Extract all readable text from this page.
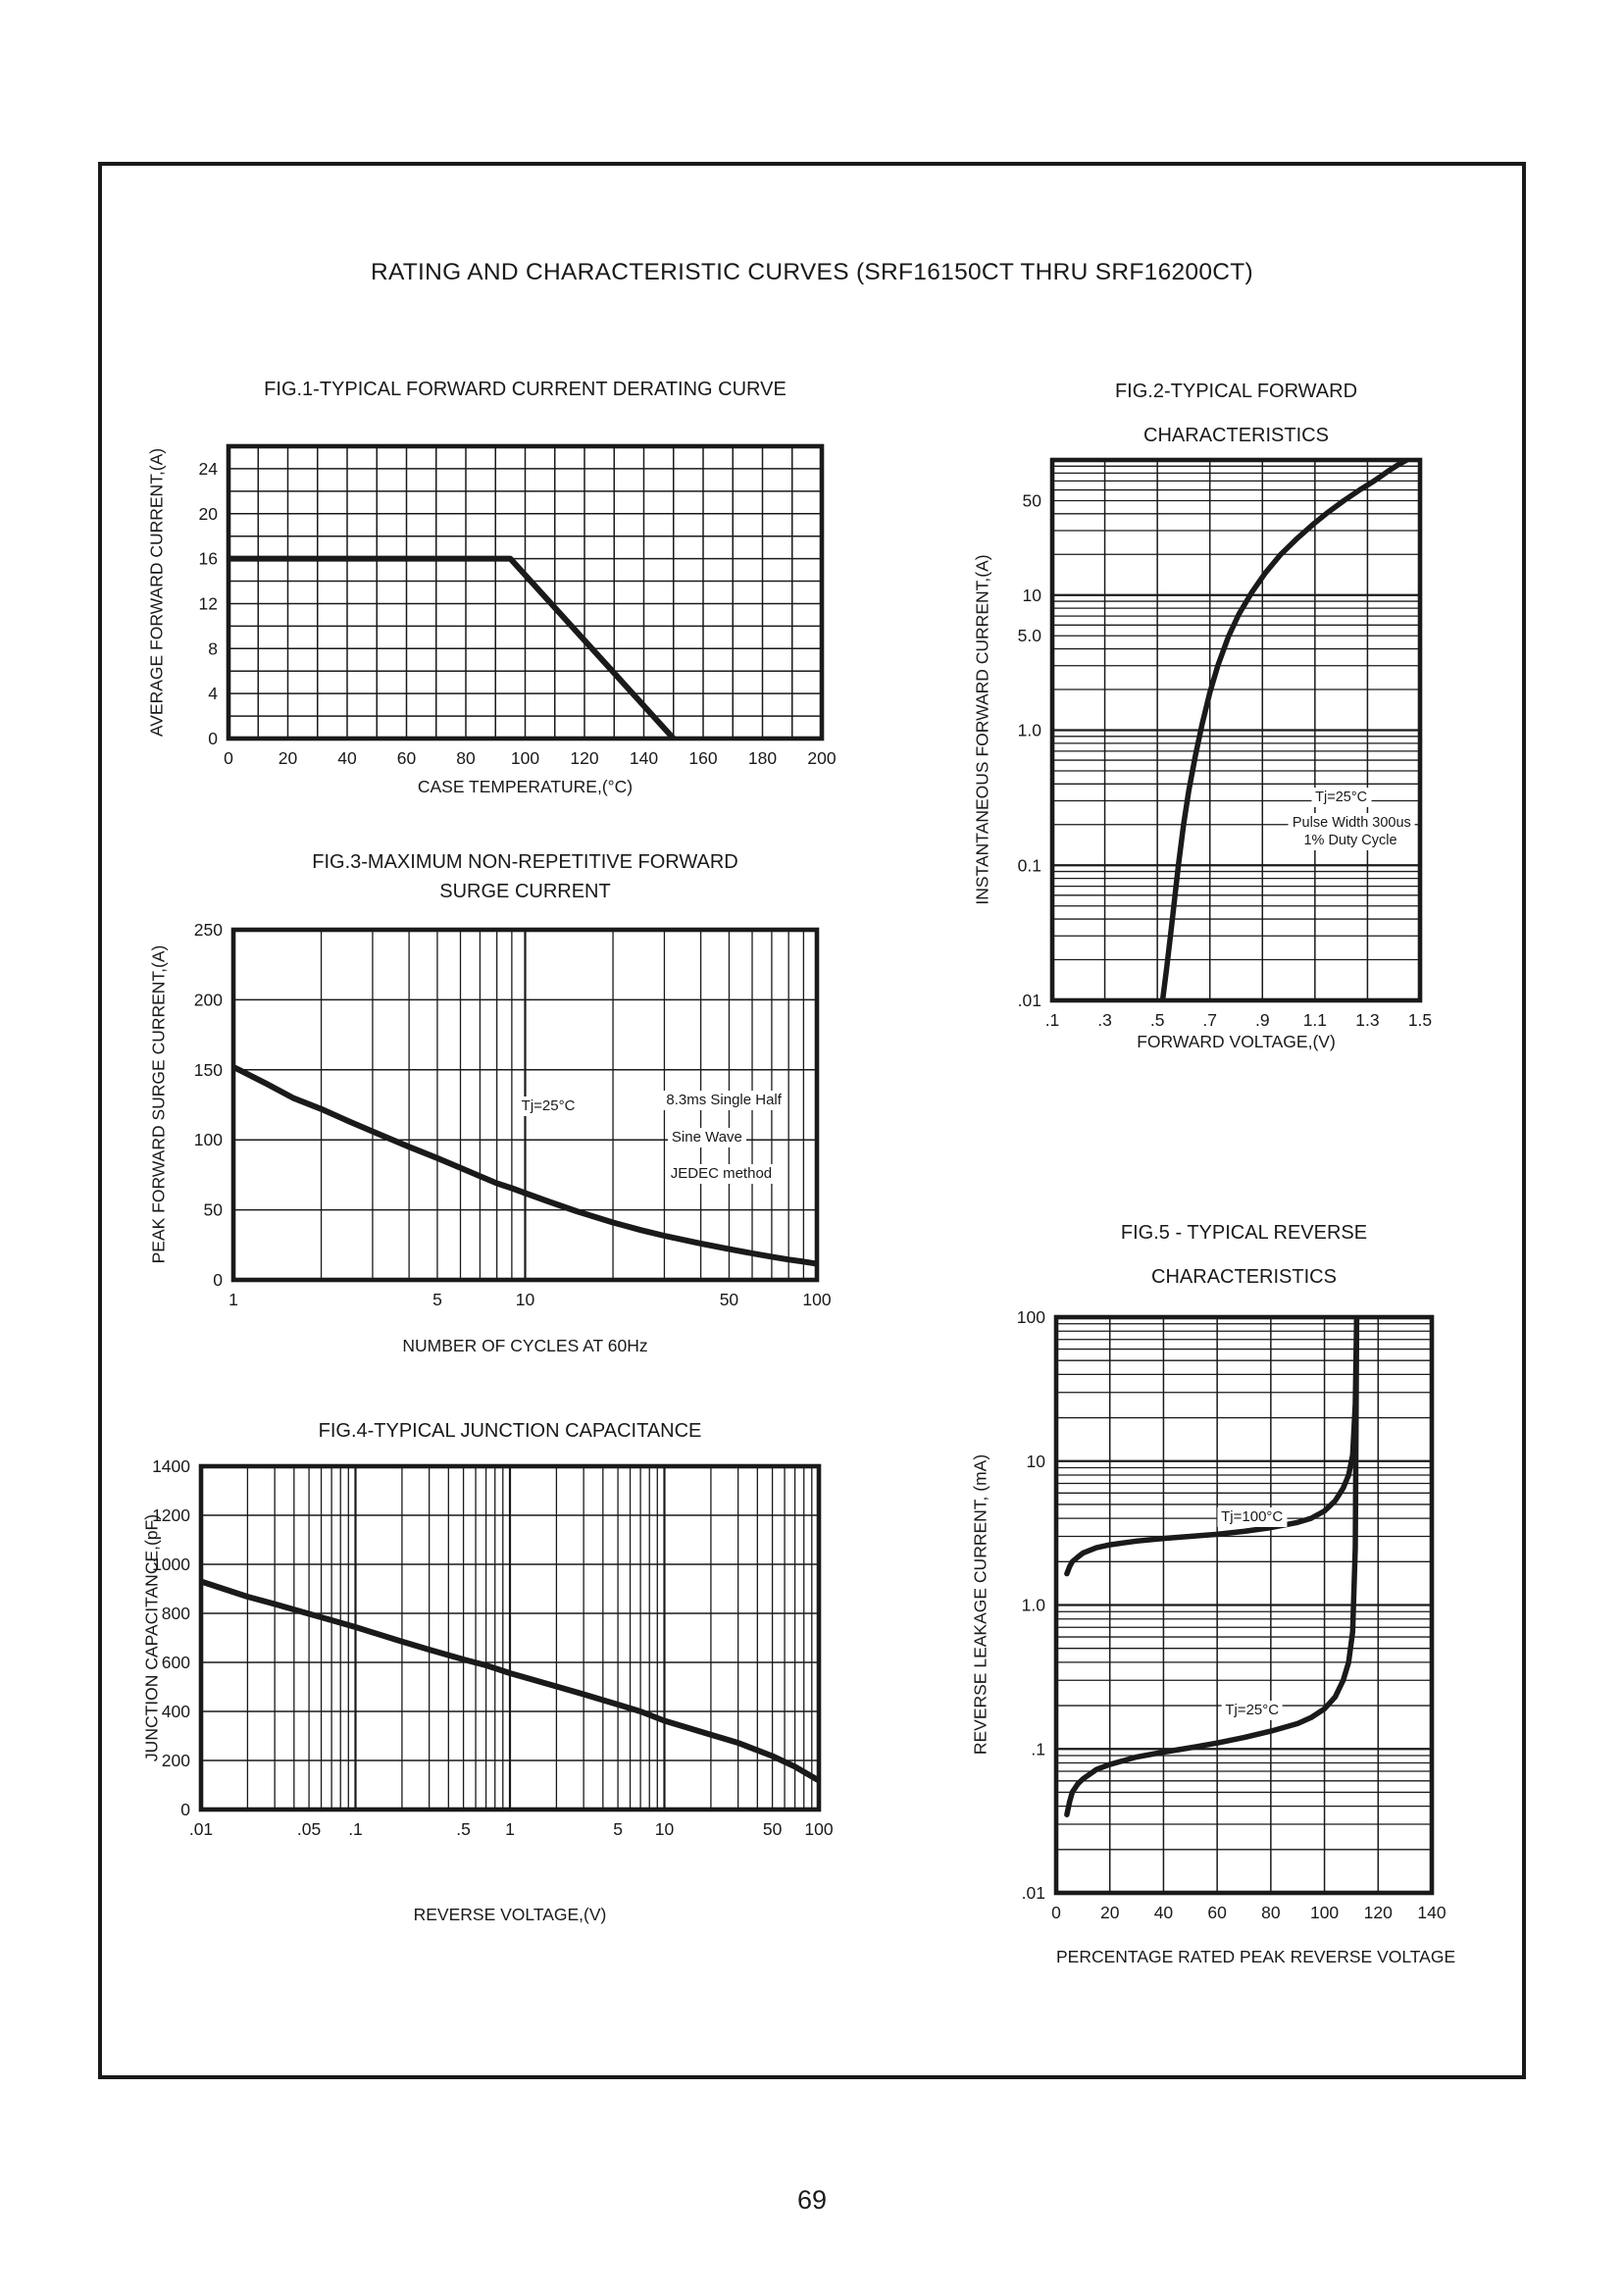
RATING AND CHARACTERISTIC CURVES (SRF16150CT THRU SRF16200CT)
FIG.1-TYPICAL FORWARD CURRENT DERATING CURVE
0	20 40 60 80 100 120 140 160 180 200
0
4
8
12
16
20
24
CASE TEMPERATURE,(°C)
AVERAGE FORWARD CURRENT,(A)
FIG.2-TYPICAL FORWARD
CHARACTERISTICS
.1 .3 .5 .7 .9 1.1 1.3 1.5
50
10
5.0
1.0
0.1
.01
Tj=25°C
Pulse Width 300us
1% Duty Cycle
FORWARD VOLTAGE,(V)
INSTANTANEOUS FORWARD CURRENT,(A)
FIG.3-MAXIMUM NON-REPETITIVE FORWARD
SURGE CURRENT
1	5	10	50	100
0
50
100
150
200
250
Tj=25°C	8.3ms Single Half
Sine Wave
JEDEC method
NUMBER OF CYCLES AT 60Hz
PEAK FORWARD SURGE CURRENT,(A)
FIG.4-TYPICAL JUNCTION CAPACITANCE
.01	.05 .1	.5 1	5 10	50 100
0
200
400
600
800
1000
1200
1400
REVERSE VOLTAGE,(V)
JUNCTION CAPACITANCE,(pF)
FIG.5 - TYPICAL REVERSE
CHARACTERISTICS
0 20 40 60 80 100 120 140
100
10
1.0
.1
.01
Tj=100°C
Tj=25°C
PERCENTAGE RATED PEAK REVERSE VOLTAGE
REVERSE LEAKAGE CURRENT, (mA)
69
